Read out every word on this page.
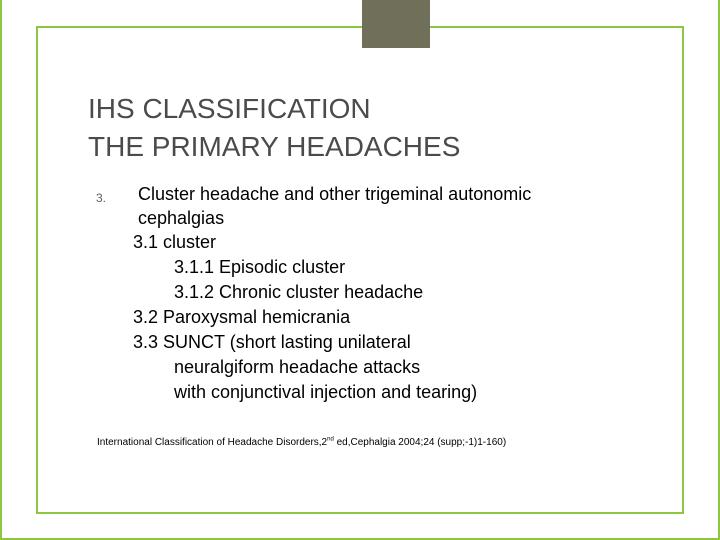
IHS CLASSIFICATION
THE PRIMARY HEADACHES
3. Cluster headache and other trigeminal autonomic
cephalgias
3.1 cluster
3.1.1 Episodic cluster
3.1.2 Chronic cluster headache
3.2 Paroxysmal hemicrania
3.3 SUNCT (short lasting unilateral
neuralgiform headache attacks
with conjunctival injection and tearing)
International Classification of Headache Disorders,2nd ed,Cephalgia 2004;24 (supp;-1)1-160)
